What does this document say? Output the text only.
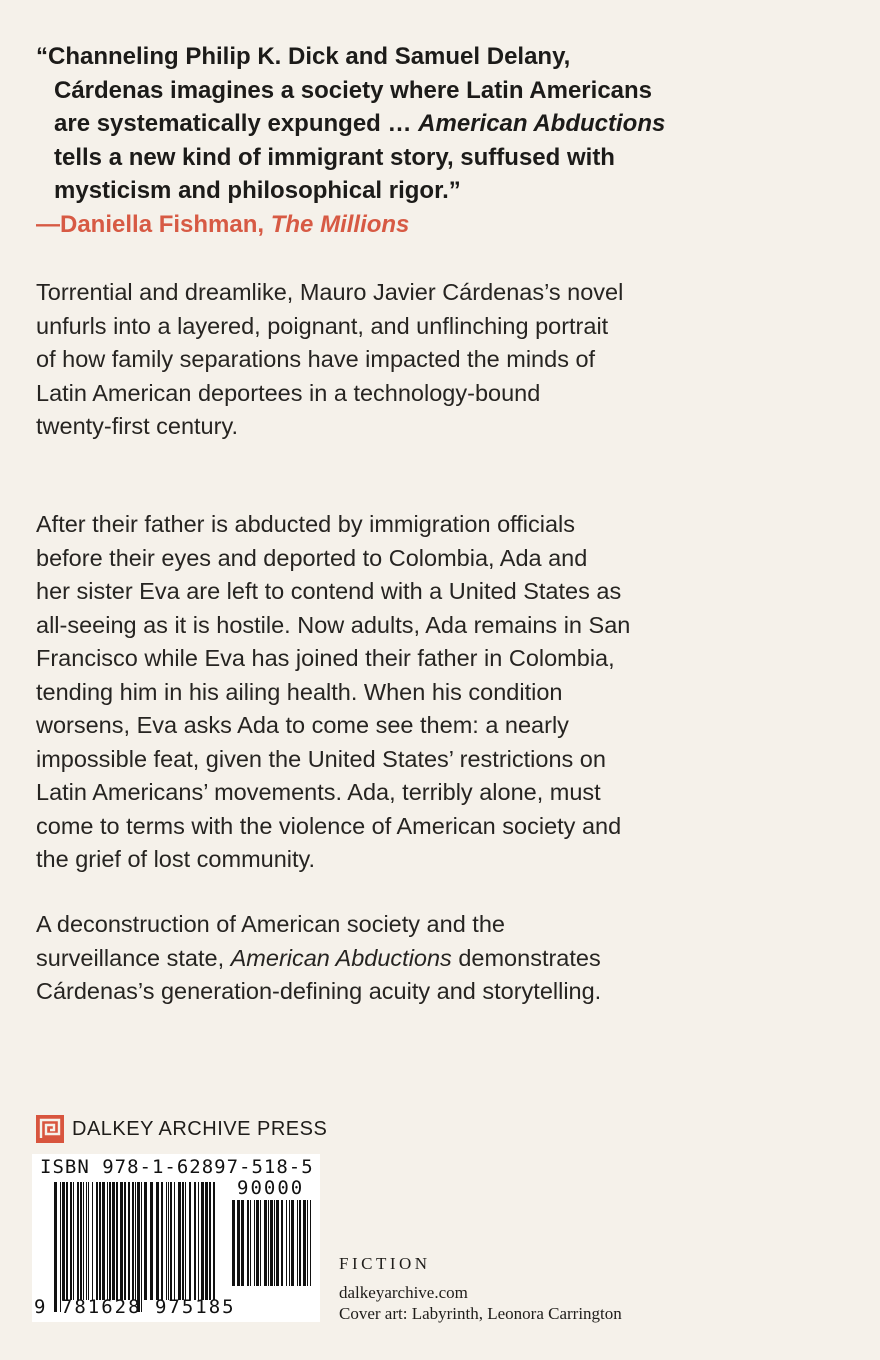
“Channeling Philip K. Dick and Samuel Delany,
Cárdenas imagines a society where Latin Americans
are systematically expunged … American Abductions
tells a new kind of immigrant story, suffused with
mysticism and philosophical rigor.”
—Daniella Fishman, The Millions
Torrential and dreamlike, Mauro Javier Cárdenas’s novel
unfurls into a layered, poignant, and unflinching portrait
of how family separations have impacted the minds of
Latin American deportees in a technology-bound
twenty-first century.
After their father is abducted by immigration officials
before their eyes and deported to Colombia, Ada and
her sister Eva are left to contend with a United States as
all-seeing as it is hostile. Now adults, Ada remains in San
Francisco while Eva has joined their father in Colombia,
tending him in his ailing health. When his condition
worsens, Eva asks Ada to come see them: a nearly
impossible feat, given the United States’ restrictions on
Latin Americans’ movements. Ada, terribly alone, must
come to terms with the violence of American society and
the grief of lost community.
A deconstruction of American society and the
surveillance state, American Abductions demonstrates
Cárdenas’s generation-defining acuity and storytelling.
DALKEY ARCHIVE PRESS
ISBN 978-1-62897-518-5
90000
9 781628 975185
FICTION
dalkeyarchive.com
Cover art: Labyrinth, Leonora Carrington
